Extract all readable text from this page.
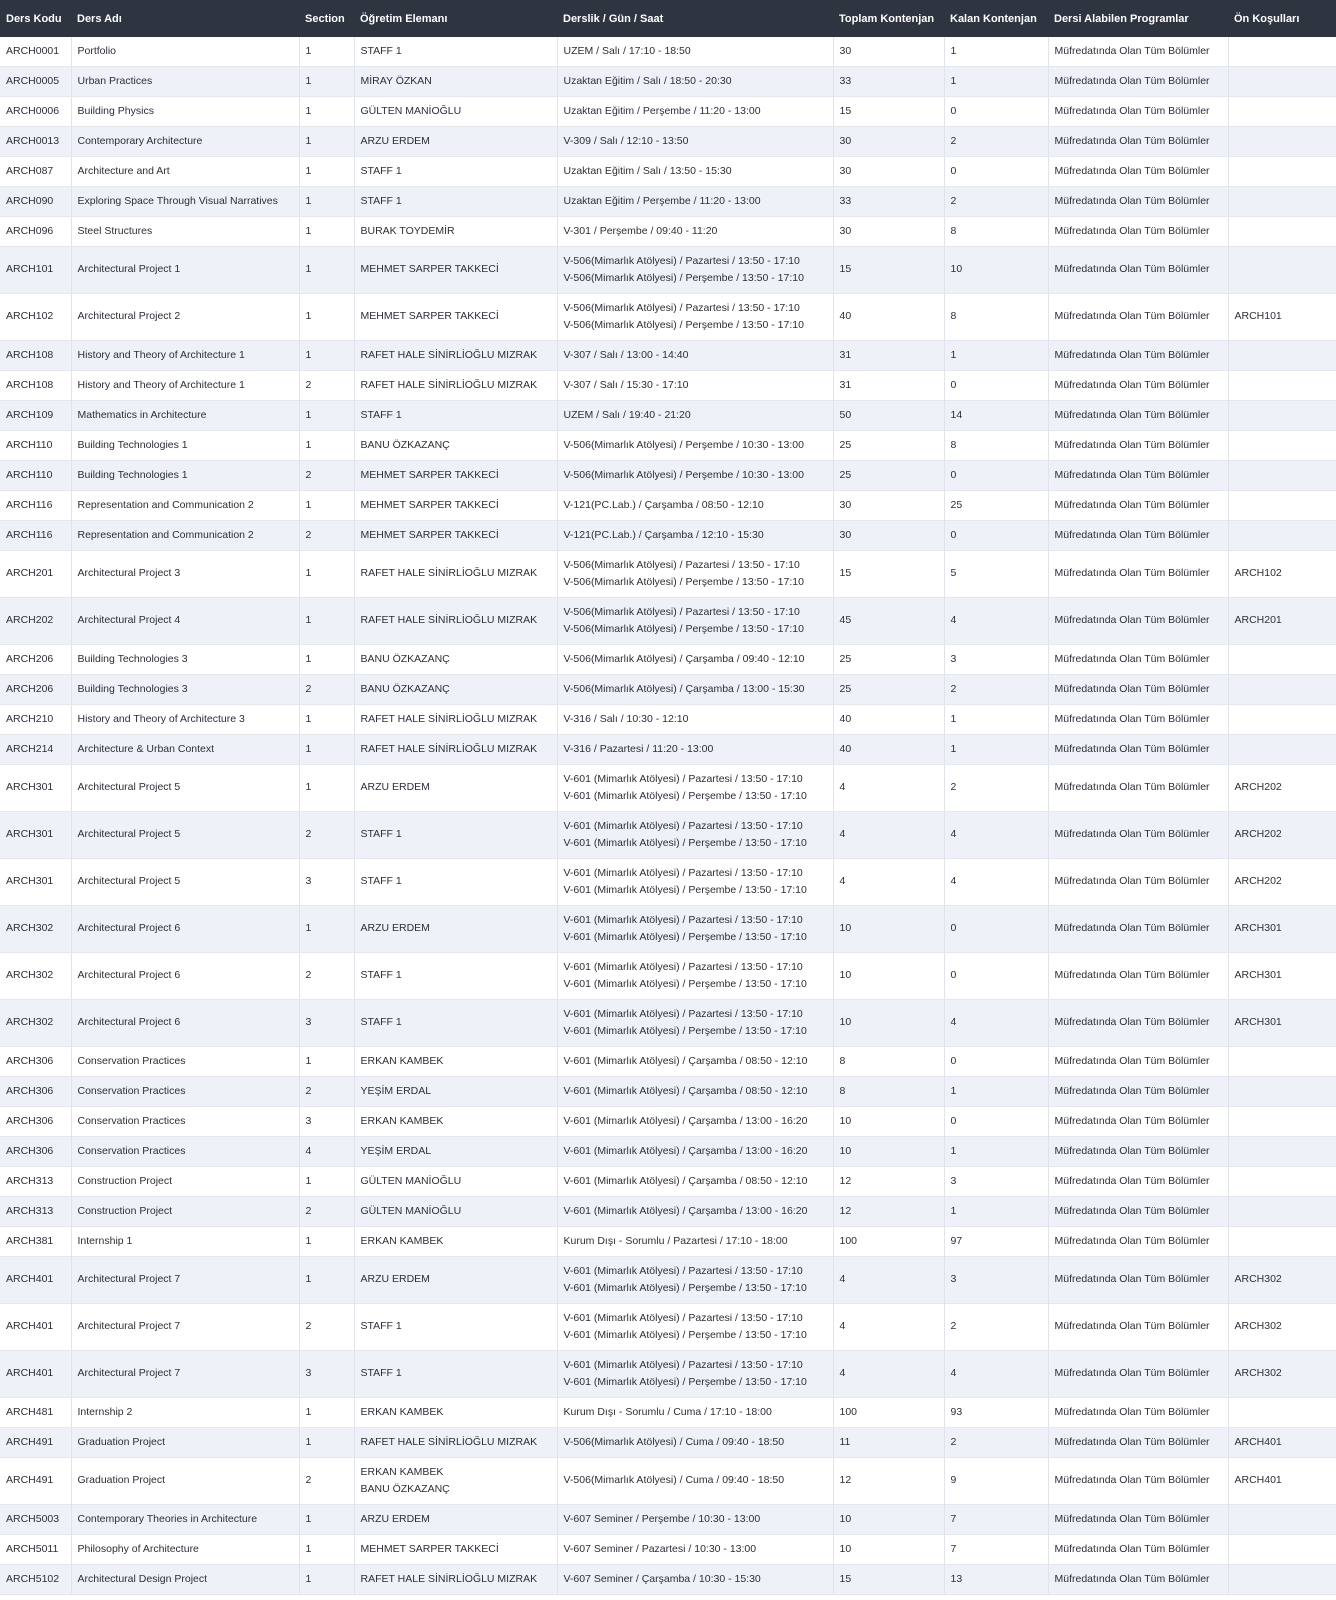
Ders Kodu	Ders Adı	Section	Öğretim Elemanı	Derslik / Gün / Saat	Toplam Kontenjan	Kalan Kontenjan	Dersi Alabilen Programlar	Ön Koşulları
ARCH0001	Portfolio	1	STAFF 1	UZEM / Salı / 17:10 - 18:50	30	1	Müfredatında Olan Tüm Bölümler	
ARCH0005	Urban Practices	1	MİRAY ÖZKAN	Uzaktan Eğitim / Salı / 18:50 - 20:30	33	1	Müfredatında Olan Tüm Bölümler	
ARCH0006	Building Physics	1	GÜLTEN MANİOĞLU	Uzaktan Eğitim / Perşembe / 11:20 - 13:00	15	0	Müfredatında Olan Tüm Bölümler	
ARCH0013	Contemporary Architecture	1	ARZU ERDEM	V-309 / Salı / 12:10 - 13:50	30	2	Müfredatında Olan Tüm Bölümler	
ARCH087	Architecture and Art	1	STAFF 1	Uzaktan Eğitim / Salı / 13:50 - 15:30	30	0	Müfredatında Olan Tüm Bölümler	
ARCH090	Exploring Space Through Visual Narratives	1	STAFF 1	Uzaktan Eğitim / Perşembe / 11:20 - 13:00	33	2	Müfredatında Olan Tüm Bölümler	
ARCH096	Steel Structures	1	BURAK TOYDEMİR	V-301 / Perşembe / 09:40 - 11:20	30	8	Müfredatında Olan Tüm Bölümler	
ARCH101	Architectural Project 1	1	MEHMET SARPER TAKKECİ	V-506(Mimarlık Atölyesi) / Pazartesi / 13:50 - 17:10
V-506(Mimarlık Atölyesi) / Perşembe / 13:50 - 17:10	15	10	Müfredatında Olan Tüm Bölümler	
ARCH102	Architectural Project 2	1	MEHMET SARPER TAKKECİ	V-506(Mimarlık Atölyesi) / Pazartesi / 13:50 - 17:10
V-506(Mimarlık Atölyesi) / Perşembe / 13:50 - 17:10	40	8	Müfredatında Olan Tüm Bölümler	ARCH101
ARCH108	History and Theory of Architecture 1	1	RAFET HALE SİNİRLİOĞLU MIZRAK	V-307 / Salı / 13:00 - 14:40	31	1	Müfredatında Olan Tüm Bölümler	
ARCH108	History and Theory of Architecture 1	2	RAFET HALE SİNİRLİOĞLU MIZRAK	V-307 / Salı / 15:30 - 17:10	31	0	Müfredatında Olan Tüm Bölümler	
ARCH109	Mathematics in Architecture	1	STAFF 1	UZEM / Salı / 19:40 - 21:20	50	14	Müfredatında Olan Tüm Bölümler	
ARCH110	Building Technologies 1	1	BANU ÖZKAZANÇ	V-506(Mimarlık Atölyesi) / Perşembe / 10:30 - 13:00	25	8	Müfredatında Olan Tüm Bölümler	
ARCH110	Building Technologies 1	2	MEHMET SARPER TAKKECİ	V-506(Mimarlık Atölyesi) / Perşembe / 10:30 - 13:00	25	0	Müfredatında Olan Tüm Bölümler	
ARCH116	Representation and Communication 2	1	MEHMET SARPER TAKKECİ	V-121(PC.Lab.) / Çarşamba / 08:50 - 12:10	30	25	Müfredatında Olan Tüm Bölümler	
ARCH116	Representation and Communication 2	2	MEHMET SARPER TAKKECİ	V-121(PC.Lab.) / Çarşamba / 12:10 - 15:30	30	0	Müfredatında Olan Tüm Bölümler	
ARCH201	Architectural Project 3	1	RAFET HALE SİNİRLİOĞLU MIZRAK	V-506(Mimarlık Atölyesi) / Pazartesi / 13:50 - 17:10
V-506(Mimarlık Atölyesi) / Perşembe / 13:50 - 17:10	15	5	Müfredatında Olan Tüm Bölümler	ARCH102
ARCH202	Architectural Project 4	1	RAFET HALE SİNİRLİOĞLU MIZRAK	V-506(Mimarlık Atölyesi) / Pazartesi / 13:50 - 17:10
V-506(Mimarlık Atölyesi) / Perşembe / 13:50 - 17:10	45	4	Müfredatında Olan Tüm Bölümler	ARCH201
ARCH206	Building Technologies 3	1	BANU ÖZKAZANÇ	V-506(Mimarlık Atölyesi) / Çarşamba / 09:40 - 12:10	25	3	Müfredatında Olan Tüm Bölümler	
ARCH206	Building Technologies 3	2	BANU ÖZKAZANÇ	V-506(Mimarlık Atölyesi) / Çarşamba / 13:00 - 15:30	25	2	Müfredatında Olan Tüm Bölümler	
ARCH210	History and Theory of Architecture 3	1	RAFET HALE SİNİRLİOĞLU MIZRAK	V-316 / Salı / 10:30 - 12:10	40	1	Müfredatında Olan Tüm Bölümler	
ARCH214	Architecture & Urban Context	1	RAFET HALE SİNİRLİOĞLU MIZRAK	V-316 / Pazartesi / 11:20 - 13:00	40	1	Müfredatında Olan Tüm Bölümler	
ARCH301	Architectural Project 5	1	ARZU ERDEM	V-601 (Mimarlık Atölyesi) / Pazartesi / 13:50 - 17:10
V-601 (Mimarlık Atölyesi) / Perşembe / 13:50 - 17:10	4	2	Müfredatında Olan Tüm Bölümler	ARCH202
ARCH301	Architectural Project 5	2	STAFF 1	V-601 (Mimarlık Atölyesi) / Pazartesi / 13:50 - 17:10
V-601 (Mimarlık Atölyesi) / Perşembe / 13:50 - 17:10	4	4	Müfredatında Olan Tüm Bölümler	ARCH202
ARCH301	Architectural Project 5	3	STAFF 1	V-601 (Mimarlık Atölyesi) / Pazartesi / 13:50 - 17:10
V-601 (Mimarlık Atölyesi) / Perşembe / 13:50 - 17:10	4	4	Müfredatında Olan Tüm Bölümler	ARCH202
ARCH302	Architectural Project 6	1	ARZU ERDEM	V-601 (Mimarlık Atölyesi) / Pazartesi / 13:50 - 17:10
V-601 (Mimarlık Atölyesi) / Perşembe / 13:50 - 17:10	10	0	Müfredatında Olan Tüm Bölümler	ARCH301
ARCH302	Architectural Project 6	2	STAFF 1	V-601 (Mimarlık Atölyesi) / Pazartesi / 13:50 - 17:10
V-601 (Mimarlık Atölyesi) / Perşembe / 13:50 - 17:10	10	0	Müfredatında Olan Tüm Bölümler	ARCH301
ARCH302	Architectural Project 6	3	STAFF 1	V-601 (Mimarlık Atölyesi) / Pazartesi / 13:50 - 17:10
V-601 (Mimarlık Atölyesi) / Perşembe / 13:50 - 17:10	10	4	Müfredatında Olan Tüm Bölümler	ARCH301
ARCH306	Conservation Practices	1	ERKAN KAMBEK	V-601 (Mimarlık Atölyesi) / Çarşamba / 08:50 - 12:10	8	0	Müfredatında Olan Tüm Bölümler	
ARCH306	Conservation Practices	2	YEŞİM ERDAL	V-601 (Mimarlık Atölyesi) / Çarşamba / 08:50 - 12:10	8	1	Müfredatında Olan Tüm Bölümler	
ARCH306	Conservation Practices	3	ERKAN KAMBEK	V-601 (Mimarlık Atölyesi) / Çarşamba / 13:00 - 16:20	10	0	Müfredatında Olan Tüm Bölümler	
ARCH306	Conservation Practices	4	YEŞİM ERDAL	V-601 (Mimarlık Atölyesi) / Çarşamba / 13:00 - 16:20	10	1	Müfredatında Olan Tüm Bölümler	
ARCH313	Construction Project	1	GÜLTEN MANİOĞLU	V-601 (Mimarlık Atölyesi) / Çarşamba / 08:50 - 12:10	12	3	Müfredatında Olan Tüm Bölümler	
ARCH313	Construction Project	2	GÜLTEN MANİOĞLU	V-601 (Mimarlık Atölyesi) / Çarşamba / 13:00 - 16:20	12	1	Müfredatında Olan Tüm Bölümler	
ARCH381	Internship 1	1	ERKAN KAMBEK	Kurum Dışı - Sorumlu / Pazartesi / 17:10 - 18:00	100	97	Müfredatında Olan Tüm Bölümler	
ARCH401	Architectural Project 7	1	ARZU ERDEM	V-601 (Mimarlık Atölyesi) / Pazartesi / 13:50 - 17:10
V-601 (Mimarlık Atölyesi) / Perşembe / 13:50 - 17:10	4	3	Müfredatında Olan Tüm Bölümler	ARCH302
ARCH401	Architectural Project 7	2	STAFF 1	V-601 (Mimarlık Atölyesi) / Pazartesi / 13:50 - 17:10
V-601 (Mimarlık Atölyesi) / Perşembe / 13:50 - 17:10	4	2	Müfredatında Olan Tüm Bölümler	ARCH302
ARCH401	Architectural Project 7	3	STAFF 1	V-601 (Mimarlık Atölyesi) / Pazartesi / 13:50 - 17:10
V-601 (Mimarlık Atölyesi) / Perşembe / 13:50 - 17:10	4	4	Müfredatında Olan Tüm Bölümler	ARCH302
ARCH481	Internship 2	1	ERKAN KAMBEK	Kurum Dışı - Sorumlu / Cuma / 17:10 - 18:00	100	93	Müfredatında Olan Tüm Bölümler	
ARCH491	Graduation Project	1	RAFET HALE SİNİRLİOĞLU MIZRAK	V-506(Mimarlık Atölyesi) / Cuma / 09:40 - 18:50	11	2	Müfredatında Olan Tüm Bölümler	ARCH401
ARCH491	Graduation Project	2	ERKAN KAMBEK
BANU ÖZKAZANÇ	V-506(Mimarlık Atölyesi) / Cuma / 09:40 - 18:50	12	9	Müfredatında Olan Tüm Bölümler	ARCH401
ARCH5003	Contemporary Theories in Architecture	1	ARZU ERDEM	V-607 Seminer / Perşembe / 10:30 - 13:00	10	7	Müfredatında Olan Tüm Bölümler	
ARCH5011	Philosophy of Architecture	1	MEHMET SARPER TAKKECİ	V-607 Seminer / Pazartesi / 10:30 - 13:00	10	7	Müfredatında Olan Tüm Bölümler	
ARCH5102	Architectural Design Project	1	RAFET HALE SİNİRLİOĞLU MIZRAK	V-607 Seminer / Çarşamba / 10:30 - 15:30	15	13	Müfredatında Olan Tüm Bölümler	
